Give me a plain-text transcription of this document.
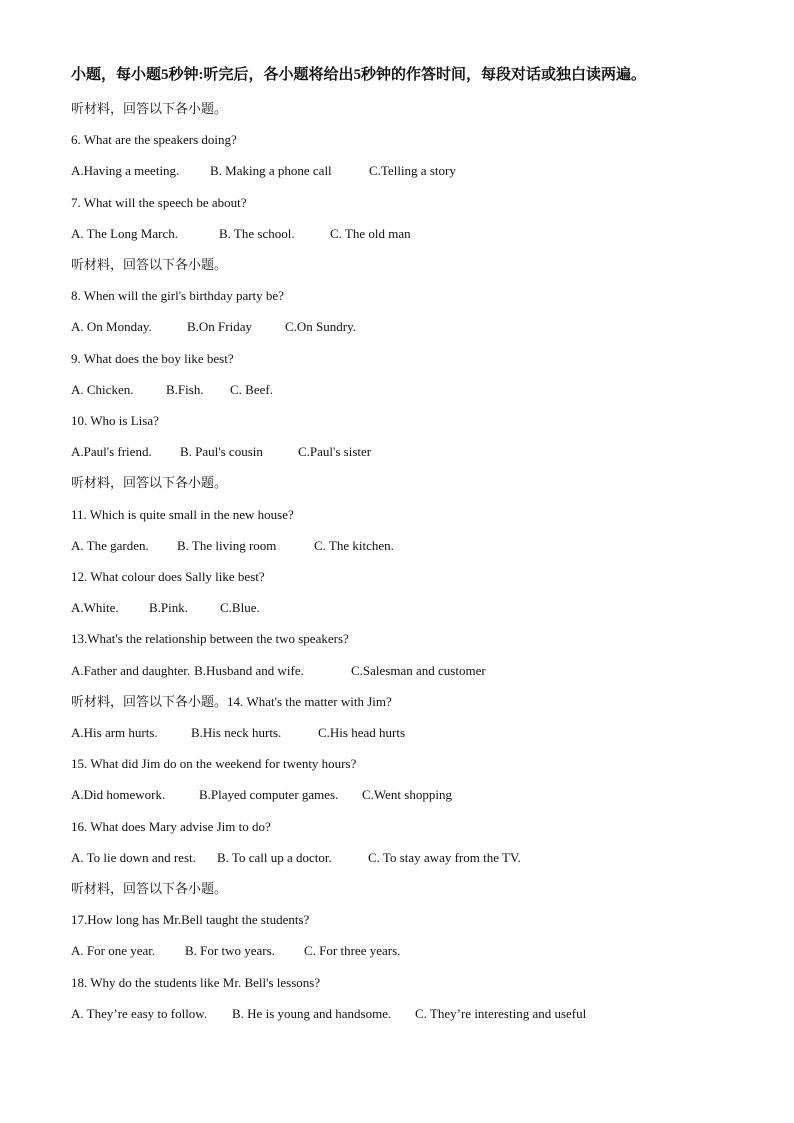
小题，每小题5秒钟:听完后，各小题将给出5秒钟的作答时间，每段对话或独白读两遍。
听材料，回答以下各小题。
6. What are the speakers doing?
A.Having a meeting. B. Making a phone call	C.Telling a story
7. What will the speech be about?
A. The Long March.	B. The school.	C. The old man
听材料，回答以下各小题。
8. When will the girl's birthday party be?
A. On Monday.	B.On Friday	C.On Sundry.
9. What does the boy like best?
A. Chicken.	B.Fish. C. Beef.
10. Who is Lisa?
A.Paul's friend. B. Paul's cousin	C.Paul's sister
听材料，回答以下各小题。
11. Which is quite small in the new house?
A. The garden. B. The living room	C. The kitchen.
12. What colour does Sally like best?
A.White. B.Pink. C.Blue.
13.What's the relationship between the two speakers?
A.Father and daughter. B.Husband and wife.	C.Salesman and customer
听材料，回答以下各小题。14. What's the matter with Jim?
A.His arm hurts.	B.His neck hurts.	C.His head hurts
15. What did Jim do on the weekend for twenty hours?
A.Did homework.	B.Played computer games. C.Went shopping
16. What does Mary advise Jim to do?
A. To lie down and rest. B. To call up a doctor.	C. To stay away from the TV.
听材料，回答以下各小题。
17.How long has Mr.Bell taught the students?
A. For one year. B. For two years. C. For three years.
18. Why do the students like Mr. Bell's lessons?
A. They’re easy to follow. B. He is young and handsome. C. They’re interesting and useful
